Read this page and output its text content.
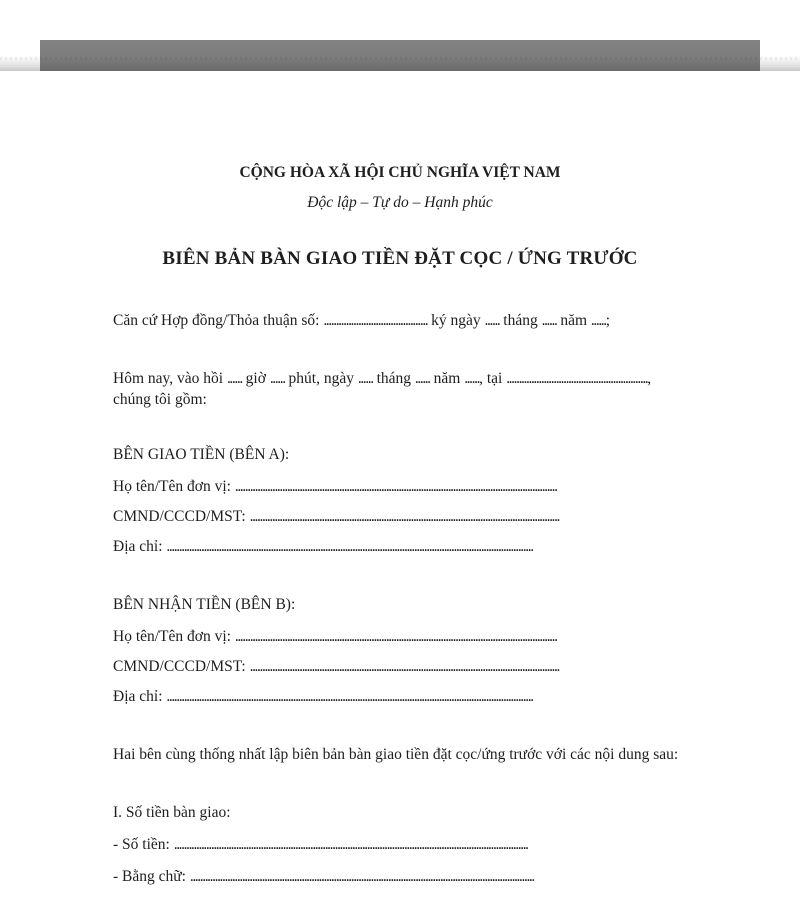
CỘNG HÒA XÃ HỘI CHỦ NGHĨA VIỆT NAM
Độc lập – Tự do – Hạnh phúc
BIÊN BẢN BÀN GIAO TIỀN ĐẶT CỌC / ỨNG TRƯỚC
Căn cứ Hợp đồng/Thỏa thuận số: .......................................... ký ngày ...... tháng ...... năm ......;
Hôm nay, vào hồi ...... giờ ...... phút, ngày ...... tháng ...... năm ......, tại .........................................................,
chúng tôi gồm:
BÊN GIAO TIỀN (BÊN A):
Họ tên/Tên đơn vị: ..................................................................................................................................
CMND/CCCD/MST: .............................................................................................................................
Địa chỉ: ....................................................................................................................................................
BÊN NHẬN TIỀN (BÊN B):
Họ tên/Tên đơn vị: ..................................................................................................................................
CMND/CCCD/MST: .............................................................................................................................
Địa chỉ: ....................................................................................................................................................
Hai bên cùng thống nhất lập biên bản bàn giao tiền đặt cọc/ứng trước với các nội dung sau:
I. Số tiền bàn giao:
- Số tiền: ...............................................................................................................................................
- Bằng chữ: ...........................................................................................................................................
